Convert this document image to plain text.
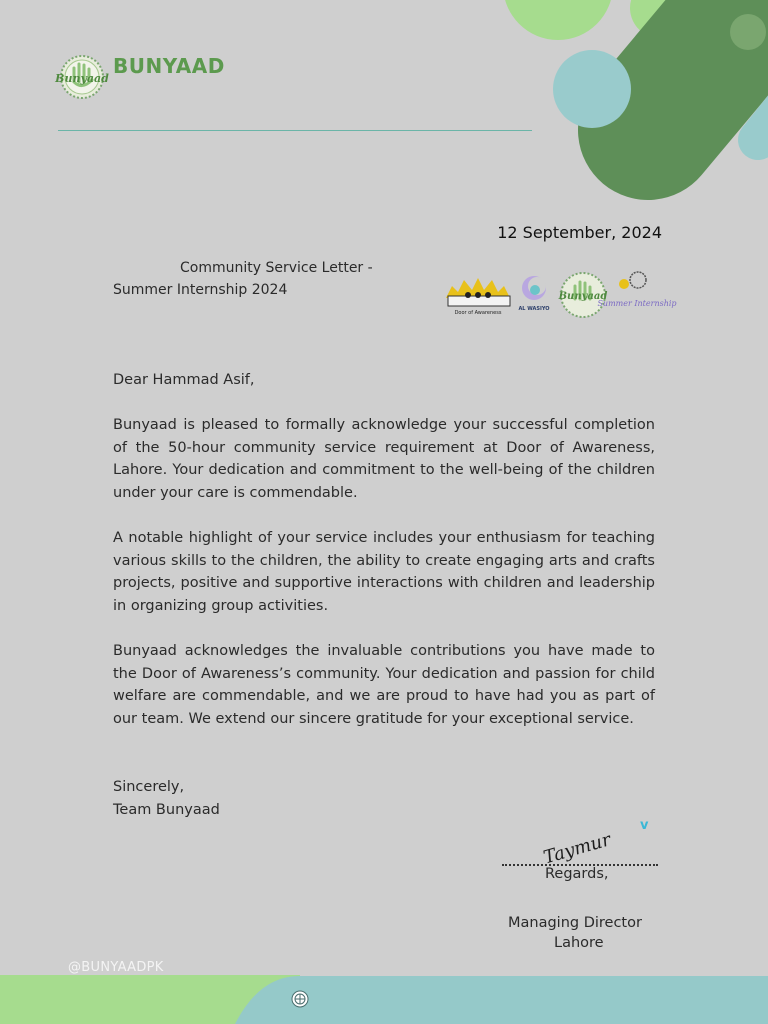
Bunyaad
BUNYAAD
12 September, 2024
Community Service Letter -
Summer Internship 2024
Door of Awareness
AL WASIYO
Bunyaad
Summer Internship

Dear Hammad Asif,

Bunyaad is pleased to formally acknowledge your successful completion of the 50-hour community service requirement at Door of Awareness, Lahore. Your dedication and commitment to the well-being of the children under your care is commendable.

A notable highlight of your service includes your enthusiasm for teaching various skills to the children, the ability to create engaging arts and crafts projects, positive and supportive interactions with children and leadership in organizing group activities.

Bunyaad acknowledges the invaluable contributions you have made to the Door of Awareness’s community. Your dedication and passion for child welfare are commendable, and we are proud to have had you as part of our team. We extend our sincere gratitude for your exceptional service.

Sincerely,
Team Bunyaad
Taymur
v
Regards,
Managing Director
Lahore
@BUNYAADPK
